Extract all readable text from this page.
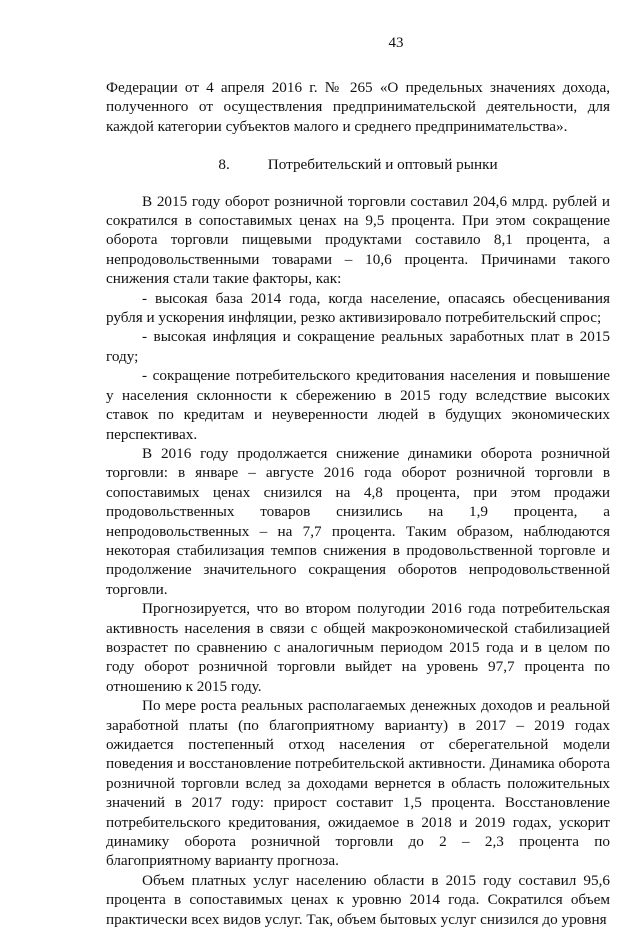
43

Федерации от 4 апреля 2016 г. № 265 «О предельных значениях дохода, полученного от осуществления предпринимательской деятельности, для каждой категории субъектов малого и среднего предпринимательства».

8.	Потребительский и оптовый рынки

В 2015 году оборот розничной торговли составил 204,6 млрд. рублей и сократился в сопоставимых ценах на 9,5 процента. При этом сокращение оборота торговли пищевыми продуктами составило 8,1 процента, а непродовольственными товарами – 10,6 процента. Причинами такого снижения стали такие факторы, как:

- высокая база 2014 года, когда население, опасаясь обесценивания рубля и ускорения инфляции, резко активизировало потребительский спрос;

- высокая инфляция и сокращение реальных заработных плат в 2015 году;

- сокращение потребительского кредитования населения и повышение у населения склонности к сбережению в 2015 году вследствие высоких ставок по кредитам и неуверенности людей в будущих экономических перспективах.

В 2016 году продолжается снижение динамики оборота розничной торговли: в январе – августе 2016 года оборот розничной торговли в сопоставимых ценах снизился на 4,8 процента, при этом продажи продовольственных товаров снизились на 1,9 процента, а непродовольственных – на 7,7 процента. Таким образом, наблюдаются некоторая стабилизация темпов снижения в продовольственной торговле и продолжение значительного сокращения оборотов непродовольственной торговли.

Прогнозируется, что во втором полугодии 2016 года потребительская активность населения в связи с общей макроэкономической стабилизацией возрастет по сравнению с аналогичным периодом 2015 года и в целом по году оборот розничной торговли выйдет на уровень 97,7 процента по отношению к 2015 году.

По мере роста реальных располагаемых денежных доходов и реальной заработной платы (по благоприятному варианту) в 2017 – 2019 годах ожидается постепенный отход населения от сберегательной модели поведения и восстановление потребительской активности. Динамика оборота розничной торговли вслед за доходами вернется в область положительных значений в 2017 году: прирост составит 1,5 процента. Восстановление потребительского кредитования, ожидаемое в 2018 и 2019 годах, ускорит динамику оборота розничной торговли до 2 – 2,3 процента по благоприятному варианту прогноза.

Объем платных услуг населению области в 2015 году составил 95,6 процента в сопоставимых ценах к уровню 2014 года. Сократился объем практически всех видов услуг. Так, объем бытовых услуг снизился до уровня
